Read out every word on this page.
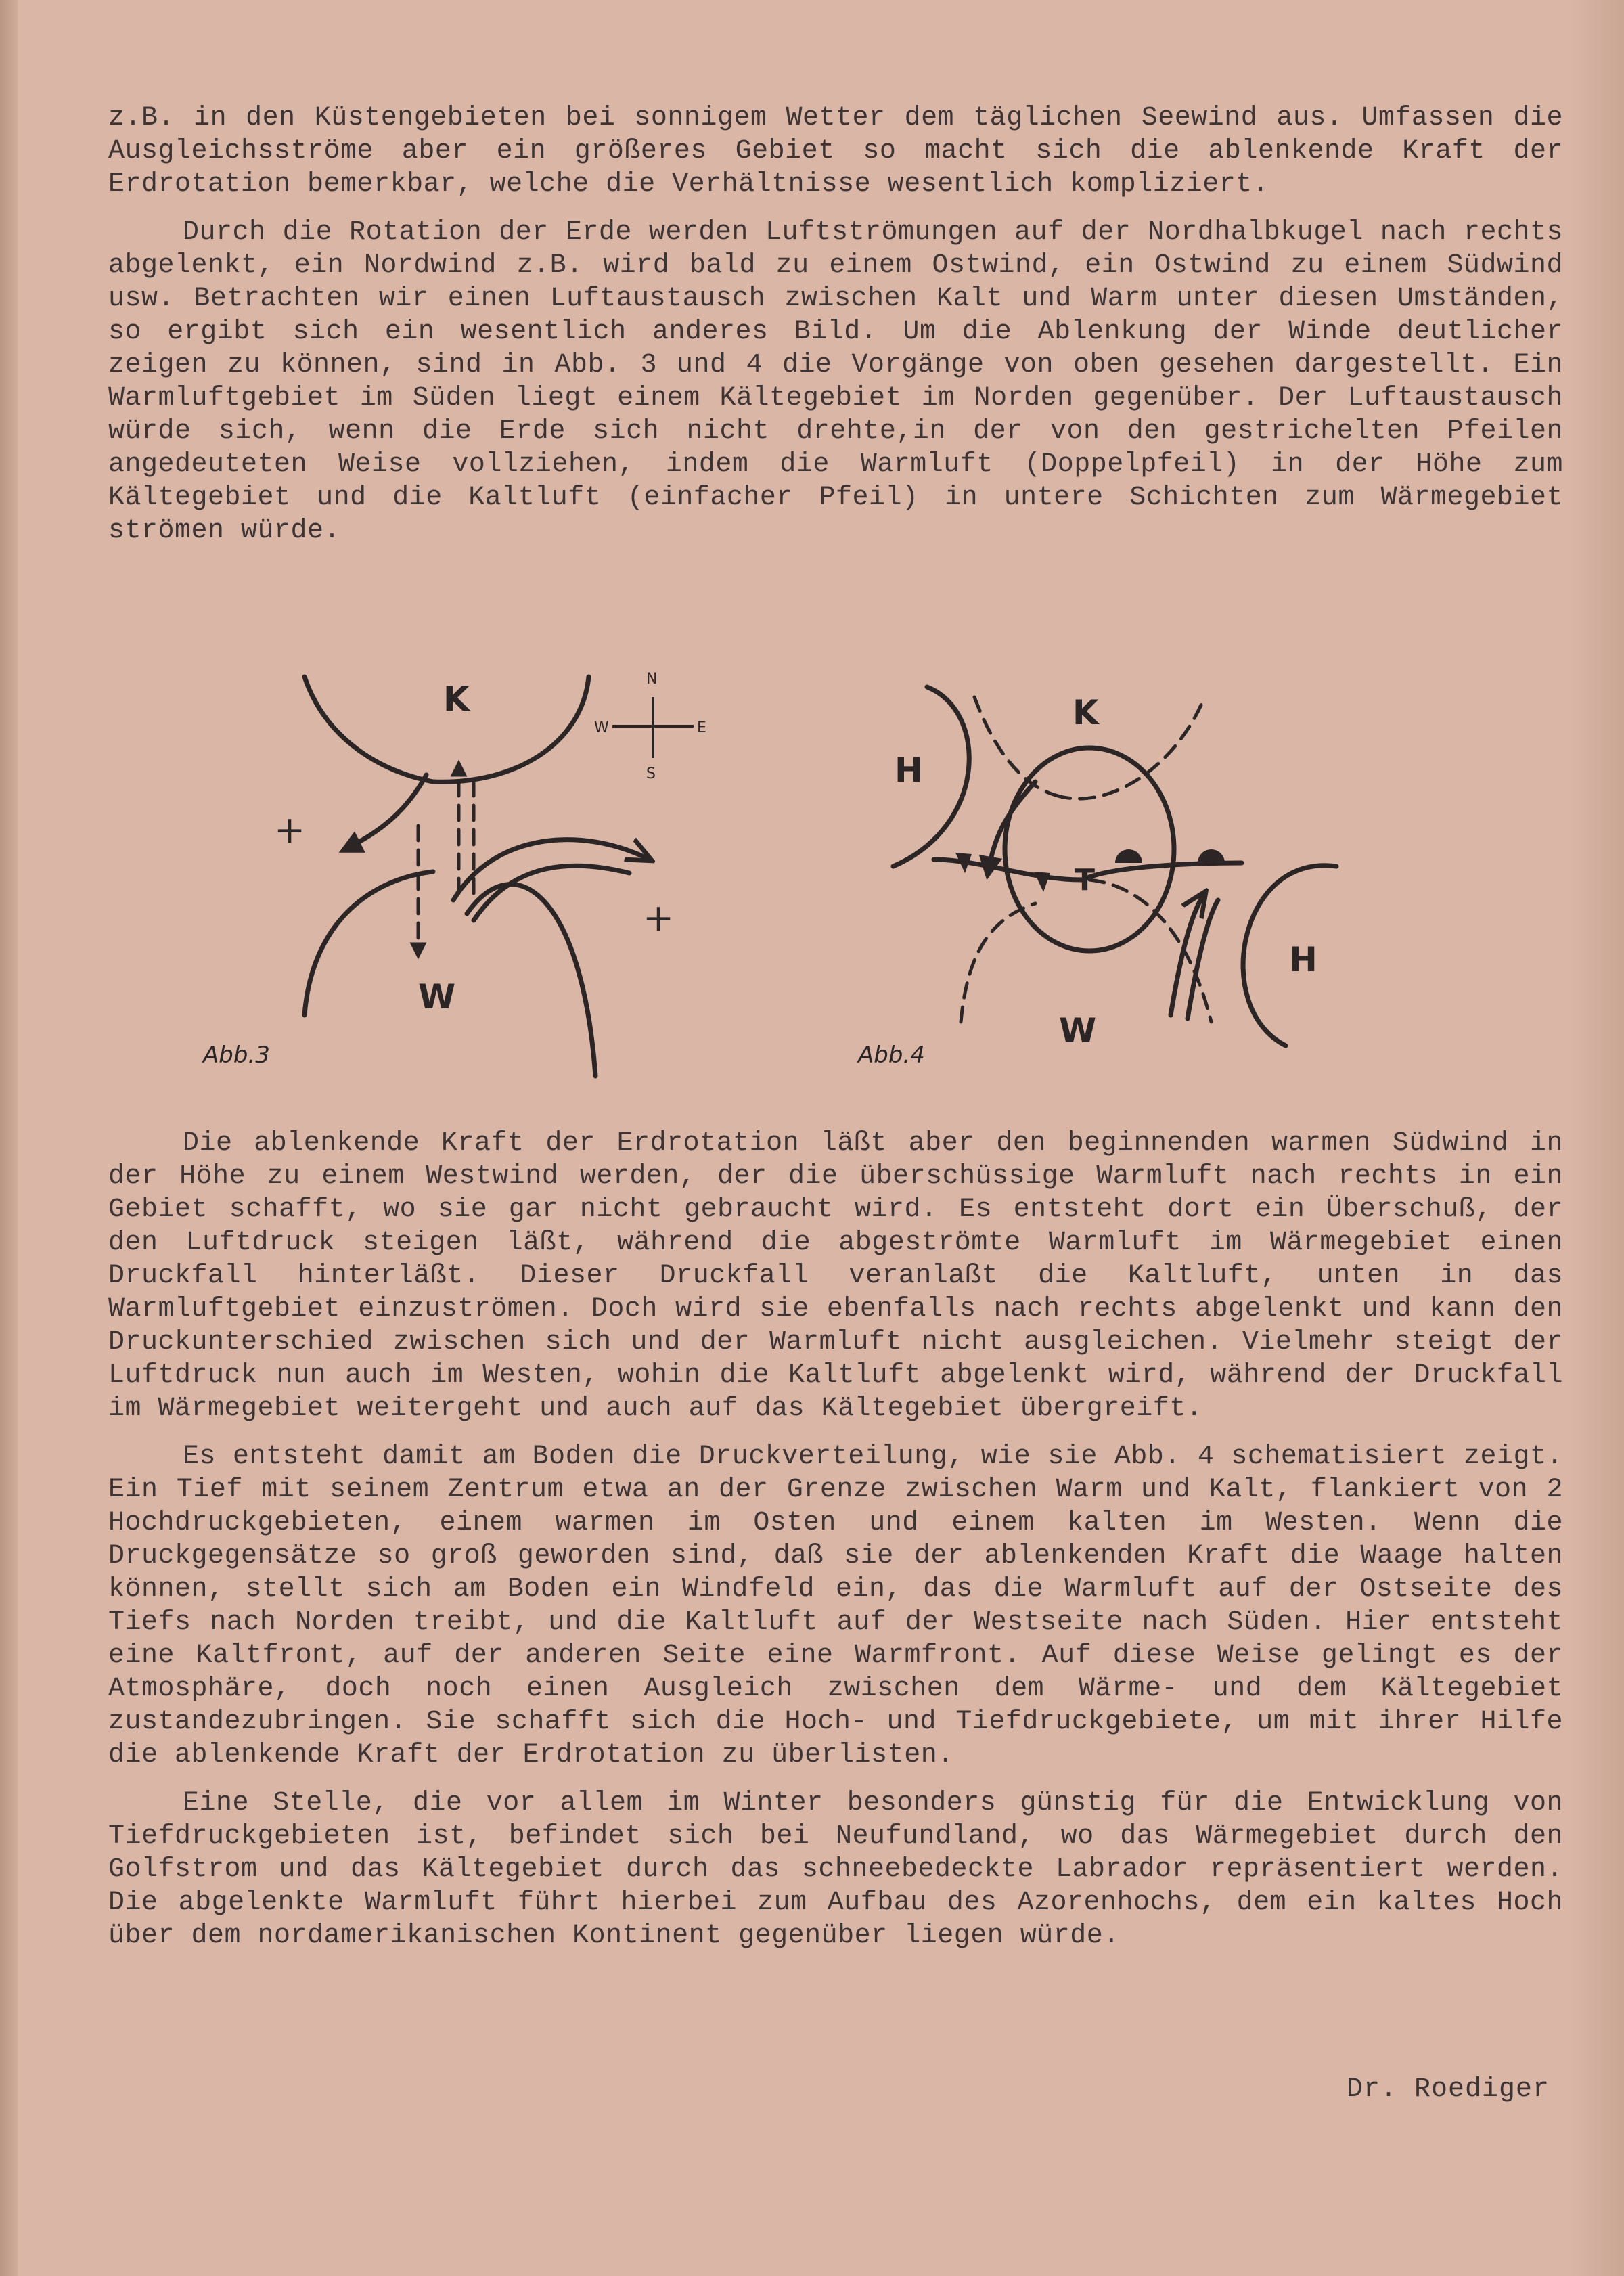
z.B. in den Küstengebieten bei sonnigem Wetter dem täglichen Seewind aus. Umfassen die Ausgleichsströme aber ein größeres Gebiet so macht sich die ablenkende Kraft der Erdrotation bemerkbar, welche die Verhältnisse wesentlich kompliziert.

Durch die Rotation der Erde werden Luftströmungen auf der Nordhalbkugel nach rechts abgelenkt, ein Nordwind z.B. wird bald zu einem Ostwind, ein Ostwind zu einem Südwind usw. Betrachten wir einen Luftaustausch zwischen Kalt und Warm unter diesen Umständen, so ergibt sich ein wesentlich anderes Bild. Um die Ablenkung der Winde deutlicher zeigen zu können, sind in Abb. 3 und 4 die Vorgänge von oben gesehen dargestellt. Ein Warmluftgebiet im Süden liegt einem Kältegebiet im Norden gegenüber. Der Luftaustausch würde sich, wenn die Erde sich nicht drehte,in der von den gestrichelten Pfeilen angedeuteten Weise vollziehen, indem die Warmluft (Doppelpfeil) in der Höhe zum Kältegebiet und die Kaltluft (einfacher Pfeil) in untere Schichten zum Wärmegebiet strömen würde.

N
S
W	E
K
W
+
+
Abb.3
K
W
H
H
T
Abb.4

Die ablenkende Kraft der Erdrotation läßt aber den beginnenden warmen Südwind in der Höhe zu einem Westwind werden, der die überschüssige Warmluft nach rechts in ein Gebiet schafft, wo sie gar nicht gebraucht wird. Es entsteht dort ein Überschuß, der den Luftdruck steigen läßt, während die abgeströmte Warmluft im Wärmegebiet einen Druckfall hinterläßt. Dieser Druckfall veranlaßt die Kaltluft, unten in das Warmluftgebiet einzuströmen. Doch wird sie ebenfalls nach rechts abgelenkt und kann den Druckunterschied zwischen sich und der Warmluft nicht ausgleichen. Vielmehr steigt der Luftdruck nun auch im Westen, wohin die Kaltluft abgelenkt wird, während der Druckfall im Wärmegebiet weitergeht und auch auf das Kältegebiet übergreift.

Es entsteht damit am Boden die Druckverteilung, wie sie Abb. 4 schematisiert zeigt. Ein Tief mit seinem Zentrum etwa an der Grenze zwischen Warm und Kalt, flankiert von 2 Hochdruckgebieten, einem warmen im Osten und einem kalten im Westen. Wenn die Druckgegensätze so groß geworden sind, daß sie der ablenkenden Kraft die Waage halten können, stellt sich am Boden ein Windfeld ein, das die Warmluft auf der Ostseite des Tiefs nach Norden treibt, und die Kaltluft auf der Westseite nach Süden. Hier entsteht eine Kaltfront, auf der anderen Seite eine Warmfront. Auf diese Weise gelingt es der Atmosphäre, doch noch einen Ausgleich zwischen dem Wärme- und dem Kältegebiet zustandezubringen. Sie schafft sich die Hoch- und Tiefdruckgebiete, um mit ihrer Hilfe die ablenkende Kraft der Erdrotation zu überlisten.

Eine Stelle, die vor allem im Winter besonders günstig für die Entwicklung von Tiefdruckgebieten ist, befindet sich bei Neufundland, wo das Wärmegebiet durch den Golfstrom und das Kältegebiet durch das schneebedeckte Labrador repräsentiert werden. Die abgelenkte Warmluft führt hierbei zum Aufbau des Azorenhochs, dem ein kaltes Hoch über dem nordamerikanischen Kontinent gegenüber liegen würde.

Dr. Roediger
